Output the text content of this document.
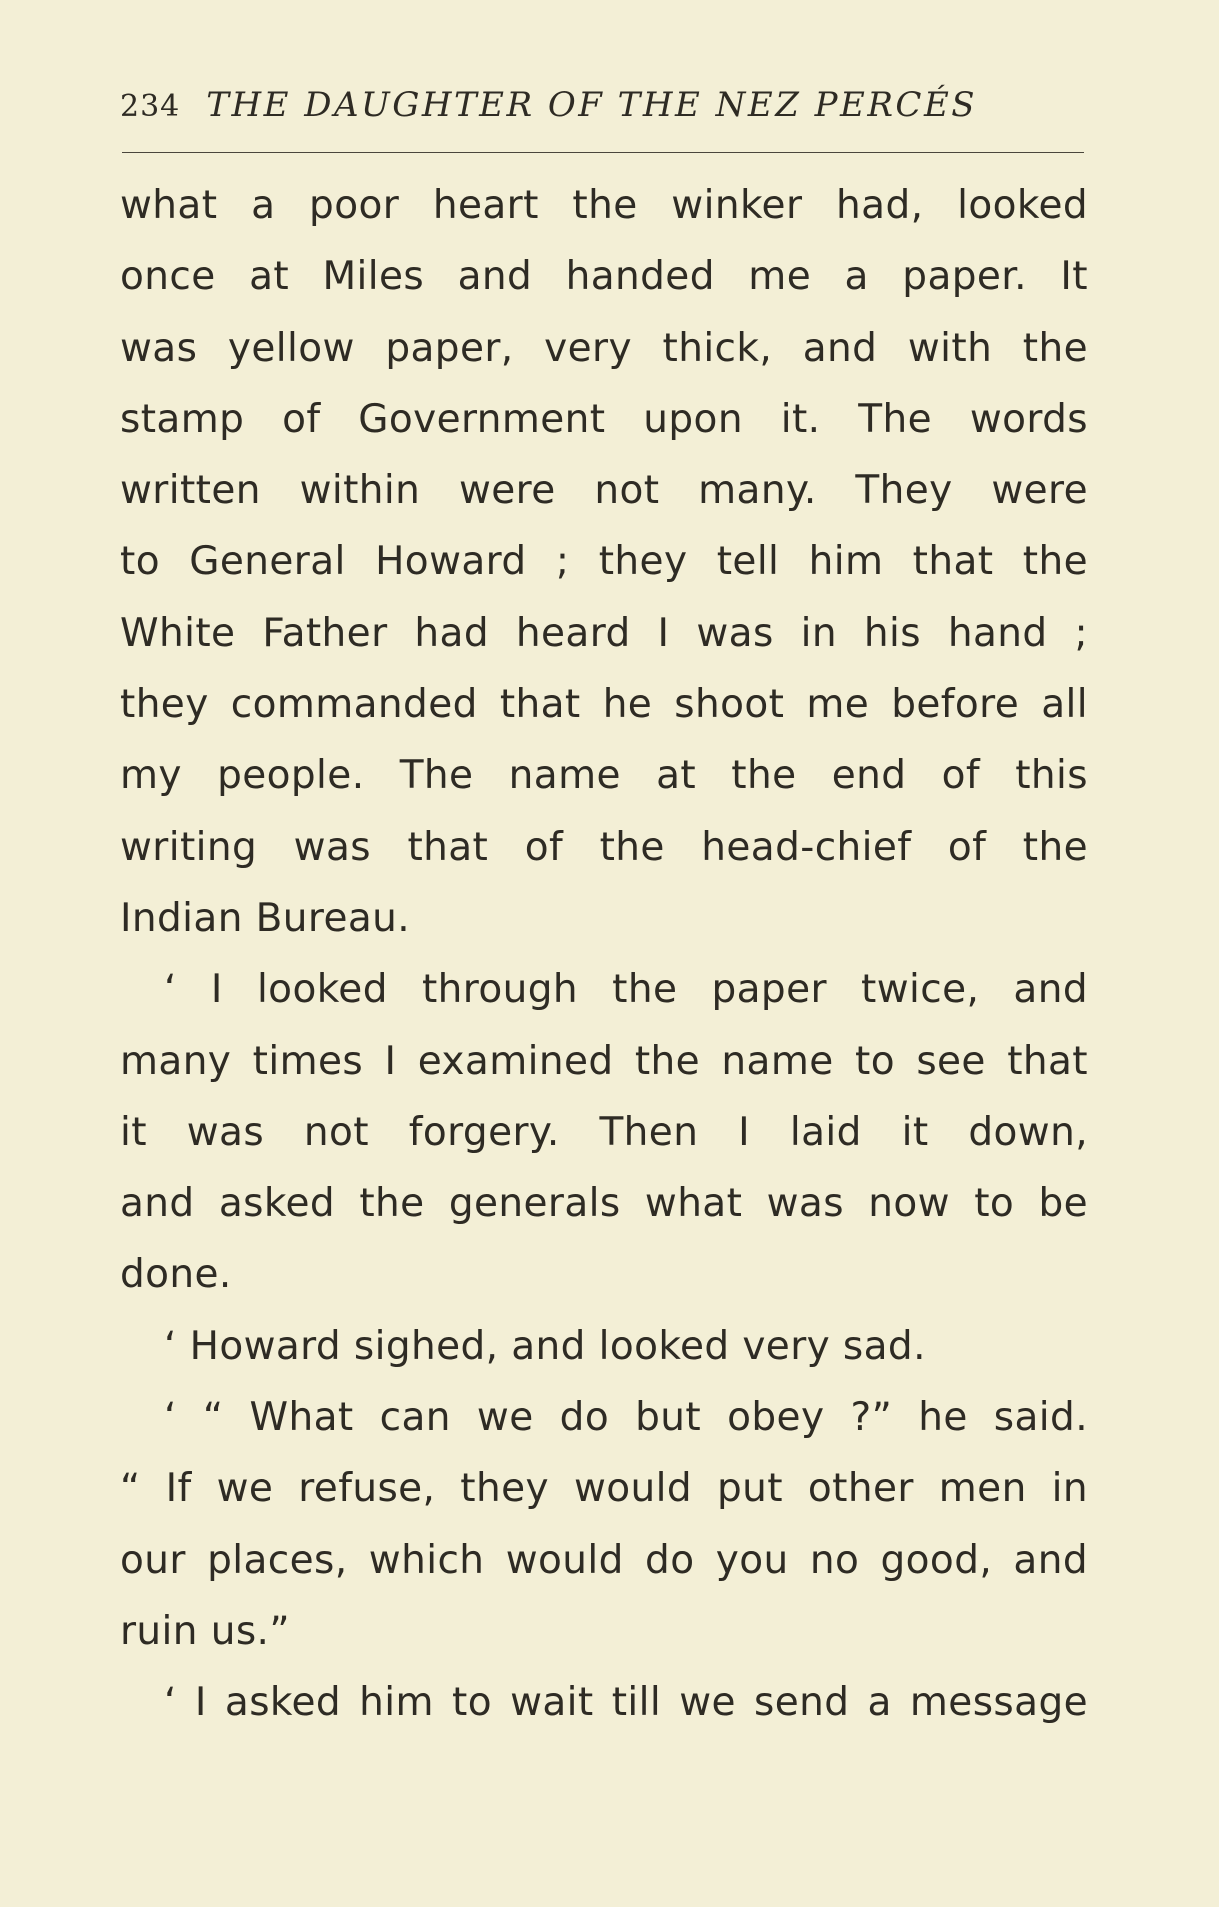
234 THE DAUGHTER OF THE NEZ PERCÉS
what a poor heart the winker had, looked
once at Miles and handed me a paper. It
was yellow paper, very thick, and with the
stamp of Government upon it. The words
written within were not many. They were
to General Howard ; they tell him that the
White Father had heard I was in his hand ;
they commanded that he shoot me before all
my people. The name at the end of this
writing was that of the head-chief of the
Indian Bureau.
‘ I looked through the paper twice, and
many times I examined the name to see that
it was not forgery. Then I laid it down,
and asked the generals what was now to be
done.
‘ Howard sighed, and looked very sad.
‘ “ What can we do but obey ?” he said.
“ If we refuse, they would put other men in
our places, which would do you no good, and
ruin us.”
‘ I asked him to wait till we send a message
